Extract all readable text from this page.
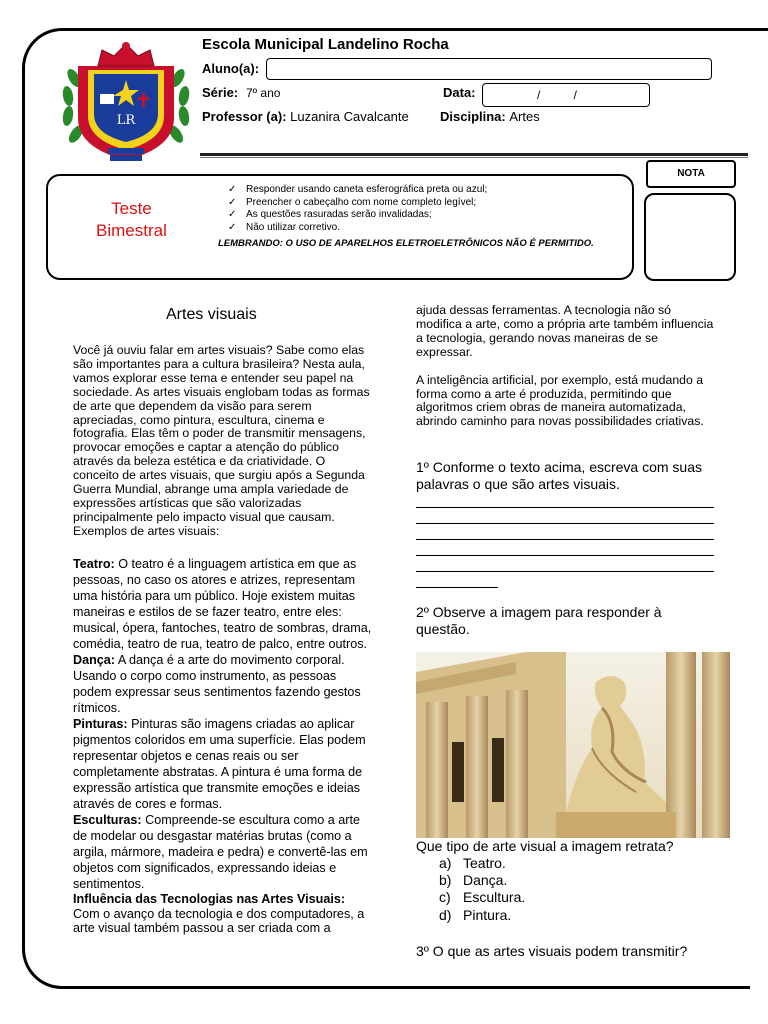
LR
Escola Municipal Landelino Rocha
Aluno(a):
Série: 7º ano	Data:	/          /
Professor (a): Luzanira Cavalcante Disciplina: Artes
Teste
Bimestral
✓ Responder usando caneta esferográfica preta ou azul;
✓ Preencher o cabeçalho com nome completo legível;
✓ As questões rasuradas serão invalidadas;
✓ Não utilizar corretivo.
LEMBRANDO: O USO DE APARELHOS ELETROELETRÔNICOS NÃO É PERMITIDO.
NOTA
Artes visuais

Você já ouviu falar em artes visuais? Sabe como elas são importantes para a cultura brasileira? Nesta aula, vamos explorar esse tema e entender seu papel na sociedade. As artes visuais englobam todas as formas de arte que dependem da visão para serem apreciadas, como pintura, escultura, cinema e fotografia. Elas têm o poder de transmitir mensagens, provocar emoções e captar a atenção do público através da beleza estética e da criatividade. O conceito de artes visuais, que surgiu após a Segunda Guerra Mundial, abrange uma ampla variedade de expressões artísticas que são valorizadas principalmente pelo impacto visual que causam.

Exemplos de artes visuais:

Teatro: O teatro é a linguagem artística em que as pessoas, no caso os atores e atrizes, representam uma história para um público. Hoje existem muitas maneiras e estilos de se fazer teatro, entre eles: musical, ópera, fantoches, teatro de sombras, drama, comédia, teatro de rua, teatro de palco, entre outros.

Dança: A dança é a arte do movimento corporal. Usando o corpo como instrumento, as pessoas podem expressar seus sentimentos fazendo gestos rítmicos.

Pinturas: Pinturas são imagens criadas ao aplicar pigmentos coloridos em uma superfície. Elas podem representar objetos e cenas reais ou ser completamente abstratas. A pintura é uma forma de expressão artística que transmite emoções e ideias através de cores e formas.

Esculturas: Compreende-se escultura como a arte de modelar ou desgastar matérias brutas (como a argila, mármore, madeira e pedra) e convertê-las em objetos com significados, expressando ideias e sentimentos.

Influência das Tecnologias nas Artes Visuais:
Com o avanço da tecnologia e dos computadores, a arte visual também passou a ser criada com a

ajuda dessas ferramentas. A tecnologia não só modifica a arte, como a própria arte também influencia a tecnologia, gerando novas maneiras de se expressar.

A inteligência artificial, por exemplo, está mudando a forma como a arte é produzida, permitindo que algoritmos criem obras de maneira automatizada, abrindo caminho para novas possibilidades criativas.

1º Conforme o texto acima, escreva com suas palavras o que são artes visuais.
2º Observe a imagem para responder à questão.
Que tipo de arte visual a imagem retrata?
a) Teatro.
b) Dança.
c) Escultura.
d) Pintura.
3º O que as artes visuais podem transmitir?
